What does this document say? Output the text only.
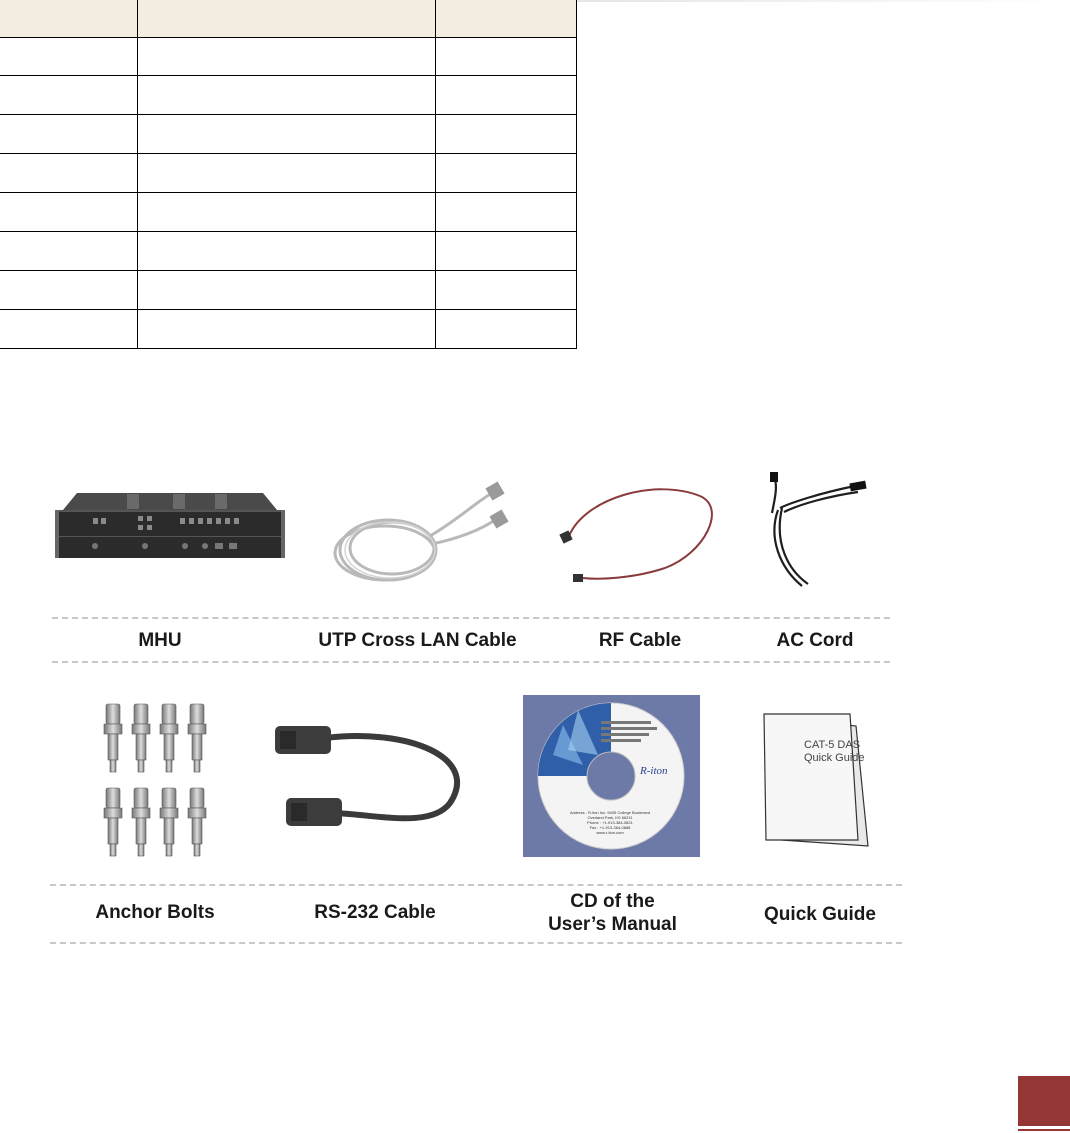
MHU	UTP Cross LAN Cable	RF Cable	AC Cord
R-iton
Address : R-iton Inc. 9405 College Boulevard
Overland Park, KS 66211
Phone : +1-913-384-0821
Fax : +1-913-384-0888
www.r-iton.com
CAT-5 DAS
Quick Guide
Anchor Bolts	RS-232 Cable
CD of the
User’s Manual	Quick Guide
